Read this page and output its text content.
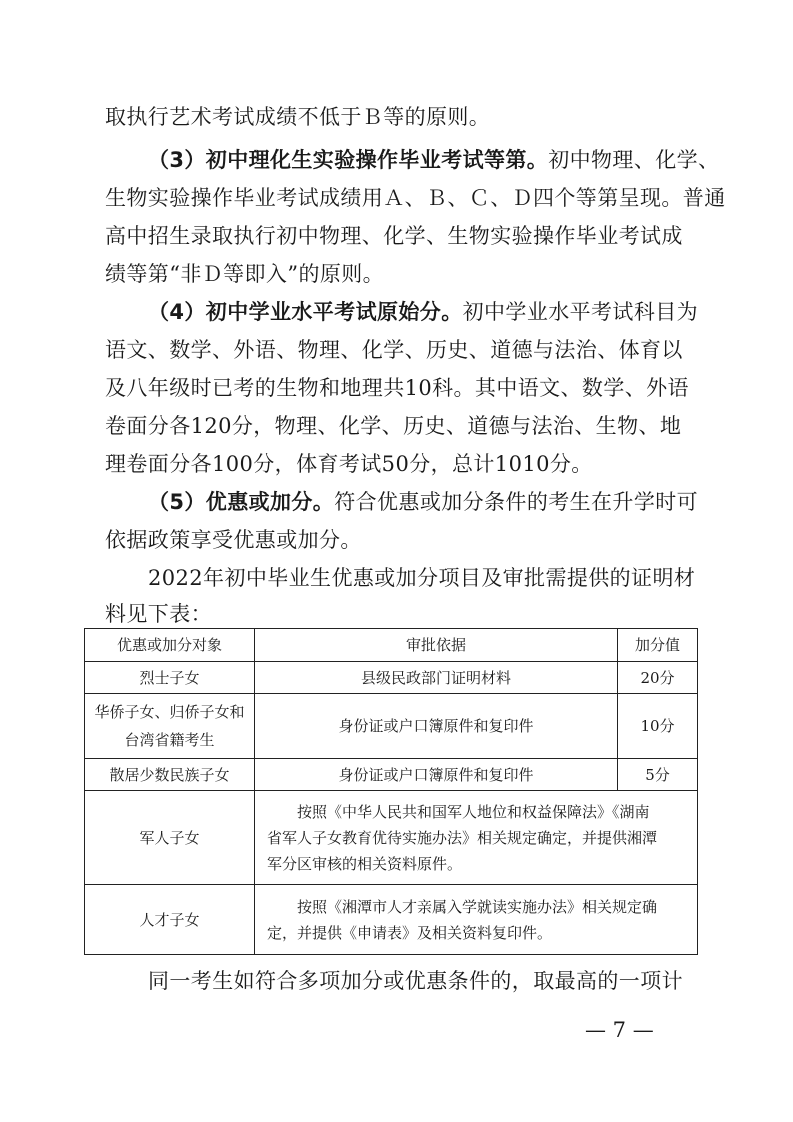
取执行艺术考试成绩不低于Ｂ等的原则。
（3）初中理化生实验操作毕业考试等第。初中物理、化学、
生物实验操作毕业考试成绩用Ａ、Ｂ、Ｃ、Ｄ四个等第呈现。普通
高中招生录取执行初中物理、化学、生物实验操作毕业考试成
绩等第“非Ｄ等即入”的原则。
（4）初中学业水平考试原始分。初中学业水平考试科目为
语文、数学、外语、物理、化学、历史、道德与法治、体育以
及八年级时已考的生物和地理共10科。其中语文、数学、外语
卷面分各120分，物理、化学、历史、道德与法治、生物、地
理卷面分各100分，体育考试50分，总计1010分。
（5）优惠或加分。符合优惠或加分条件的考生在升学时可
依据政策享受优惠或加分。
2022年初中毕业生优惠或加分项目及审批需提供的证明材
料见下表：
优惠或加分对象	审批依据	加分值
烈士子女	县级民政部门证明材料	20分

华侨子女、归侨子女和
台湾省籍考生	身份证或户口簿原件和复印件	10分
散居少数民族子女	身份证或户口簿原件和复印件	5分
军人子女	　　按照《中华人民共和国军人地位和权益保障法》《湖南
省军人子女教育优待实施办法》相关规定确定，并提供湘潭
军分区审核的相关资料原件。	

人才子女	　　按照《湘潭市人才亲属入学就读实施办法》相关规定确
定，并提供《申请表》及相关资料复印件。	
同一考生如符合多项加分或优惠条件的，取最高的一项计
— 7 —
